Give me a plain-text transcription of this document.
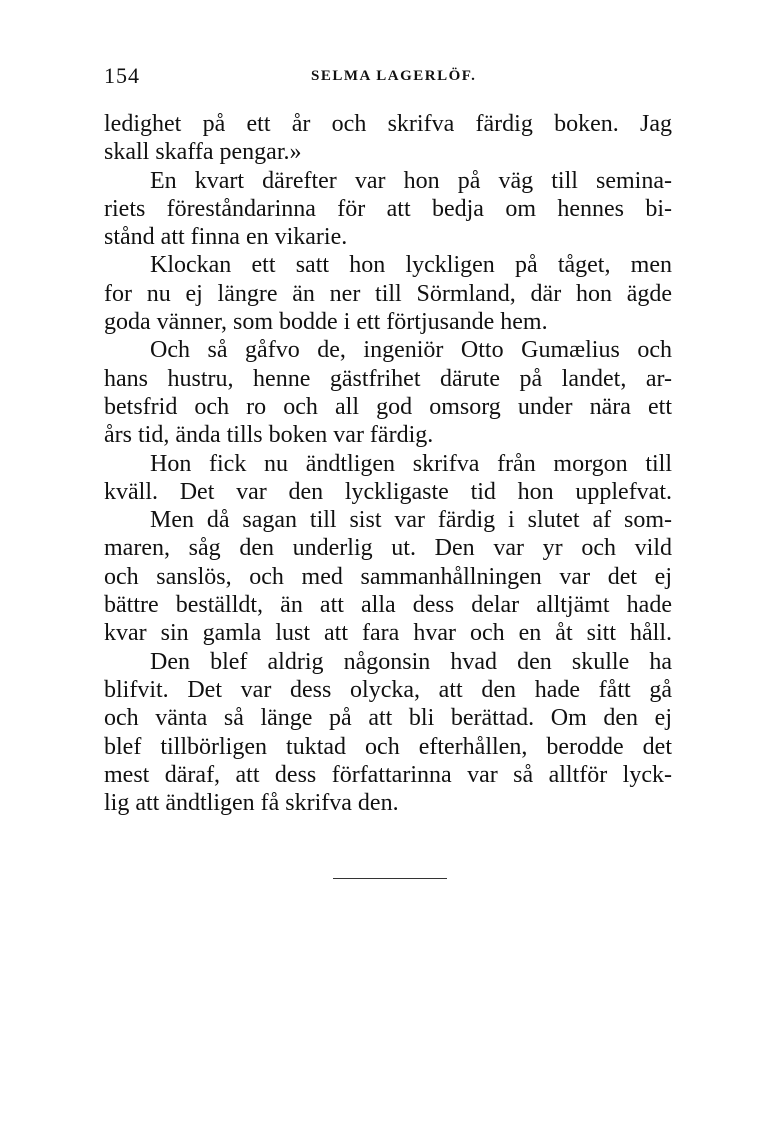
154	SELMA LAGERLÖF.
ledighet på ett år och skrifva färdig boken. Jag
skall skaffa pengar.»
En kvart därefter var hon på väg till semina-
riets föreståndarinna för att bedja om hennes bi-
stånd att finna en vikarie.
Klockan ett satt hon lyckligen på tåget, men
for nu ej längre än ner till Sörmland, där hon ägde
goda vänner, som bodde i ett förtjusande hem.
Och så gåfvo de, ingeniör Otto Gumælius och
hans hustru, henne gästfrihet därute på landet, ar-
betsfrid och ro och all god omsorg under nära ett
års tid, ända tills boken var färdig.
Hon fick nu ändtligen skrifva från morgon till
kväll. Det var den lyckligaste tid hon upplefvat.
Men då sagan till sist var färdig i slutet af som-
maren, såg den underlig ut. Den var yr och vild
och sanslös, och med sammanhållningen var det ej
bättre beställdt, än att alla dess delar alltjämt hade
kvar sin gamla lust att fara hvar och en åt sitt håll.
Den blef aldrig någonsin hvad den skulle ha
blifvit. Det var dess olycka, att den hade fått gå
och vänta så länge på att bli berättad. Om den ej
blef tillbörligen tuktad och efterhållen, berodde det
mest däraf, att dess författarinna var så alltför lyck-
lig att ändtligen få skrifva den.
